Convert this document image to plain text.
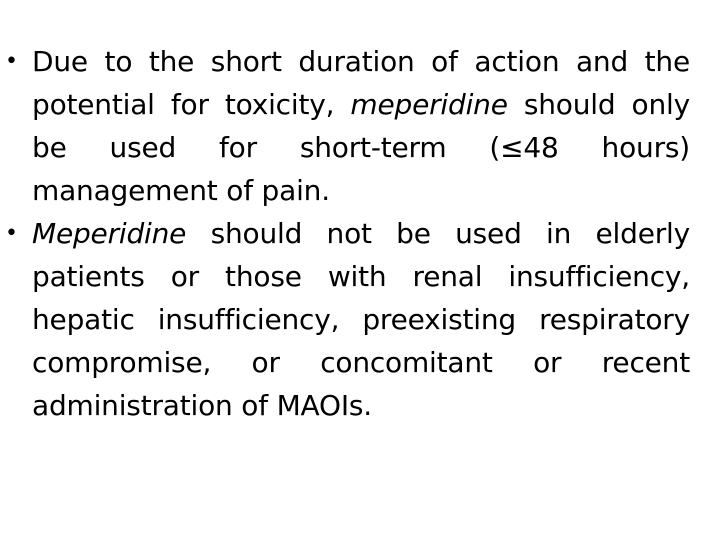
• Due to the short duration of action and the potential for toxicity, meperidine should only be used for short-term (≤48 hours) management of pain.
• Meperidine should not be used in elderly patients or those with renal insufficiency, hepatic insufficiency, preexisting respiratory compromise, or concomitant or recent administration of MAOIs.
